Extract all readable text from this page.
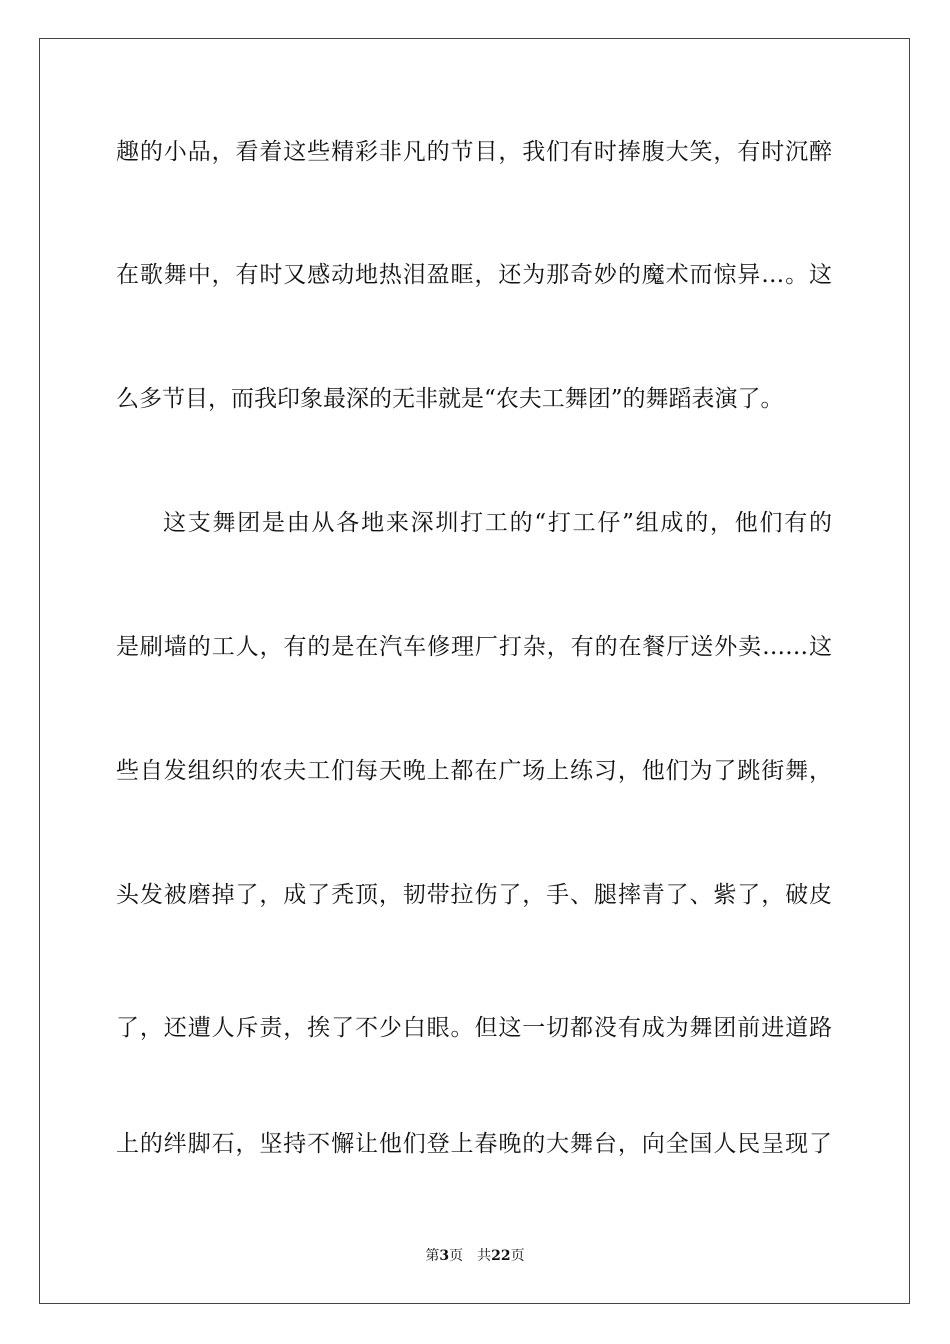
趣的小品，看着这些精彩非凡的节目，我们有时捧腹大笑，有时沉醉
在歌舞中，有时又感动地热泪盈眶，还为那奇妙的魔术而惊异…。这
么多节目，而我印象最深的无非就是“农夫工舞团”的舞蹈表演了。
这支舞团是由从各地来深圳打工的“打工仔”组成的，他们有的
是刷墙的工人，有的是在汽车修理厂打杂，有的在餐厅送外卖……这
些自发组织的农夫工们每天晚上都在广场上练习，他们为了跳街舞，
头发被磨掉了，成了秃顶，韧带拉伤了，手、腿摔青了、紫了，破皮
了，还遭人斥责，挨了不少白眼。但这一切都没有成为舞团前进道路
上的绊脚石，坚持不懈让他们登上春晚的大舞台，向全国人民呈现了
第3页 共22页
